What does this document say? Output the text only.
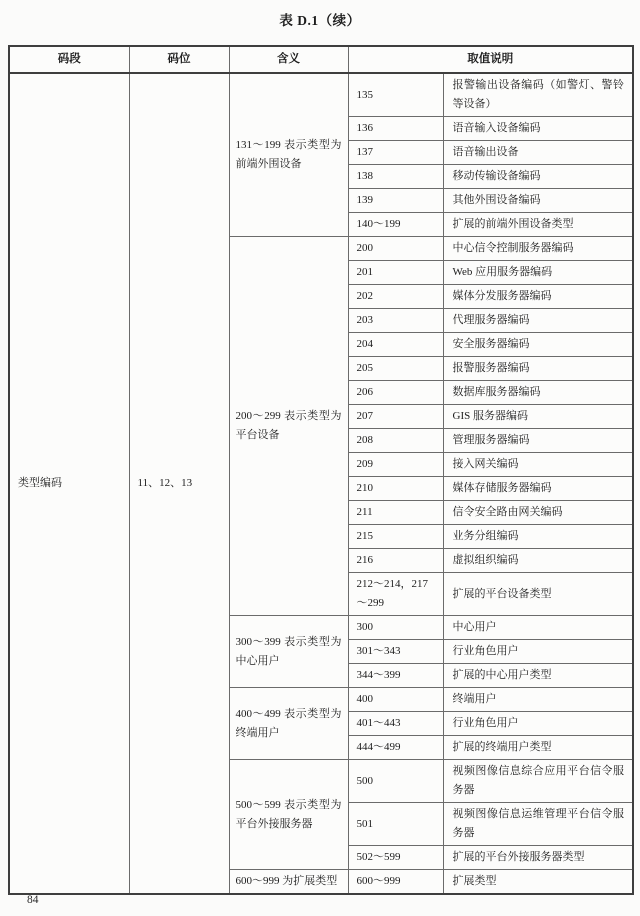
表 D.1（续）
码段	码位	含义	取值说明	
类型编码	11、12、13	131～199 表示类型为前端外围设备	135	报警输出设备编码（如警灯、警铃等设备）
			136	语音输入设备编码
			137	语音输出设备
			138	移动传输设备编码
			139	其他外围设备编码
			140～199	扩展的前端外围设备类型
		200～299 表示类型为平台设备	200	中心信令控制服务器编码
			201	Web 应用服务器编码
			202	媒体分发服务器编码
			203	代理服务器编码
			204	安全服务器编码
			205	报警服务器编码
			206	数据库服务器编码
			207	GIS 服务器编码
			208	管理服务器编码
			209	接入网关编码
			210	媒体存储服务器编码
			211	信令安全路由网关编码
			215	业务分组编码
			216	虚拟组织编码
			212～214，217～299	扩展的平台设备类型
		300～399 表示类型为中心用户	300	中心用户
			301～343	行业角色用户
			344～399	扩展的中心用户类型
		400～499 表示类型为终端用户	400	终端用户
			401～443	行业角色用户
			444～499	扩展的终端用户类型
		500～599 表示类型为平台外接服务器	500	视频图像信息综合应用平台信令服务器
			501	视频图像信息运维管理平台信令服务器
			502～599	扩展的平台外接服务器类型
		600～999 为扩展类型	600～999	扩展类型
84
